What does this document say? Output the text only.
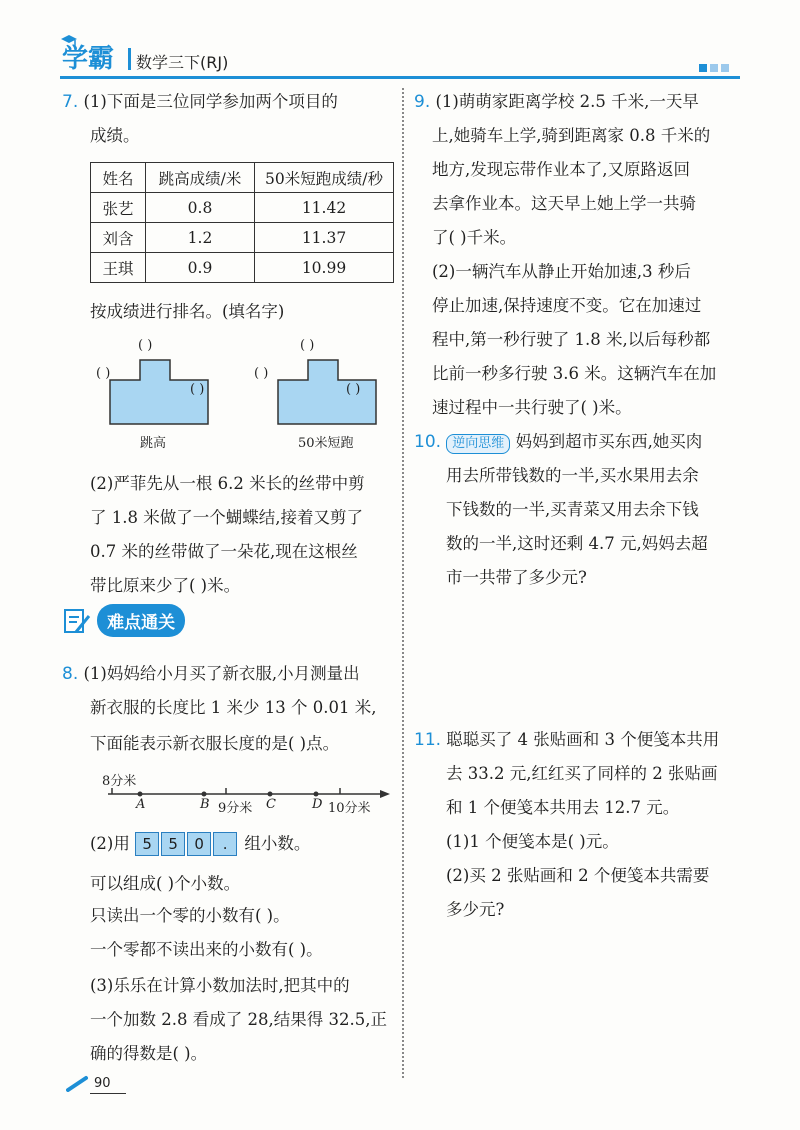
学霸 数学三下(RJ)
7. (1)下面是三位同学参加两个项目的
成绩。
姓名	跳高成绩/米	50米短跑成绩/秒
张艺	0.8	11.42
刘含	1.2	11.37
王琪	0.9	10.99
按成绩进行排名。(填名字)
( )
( )
( )
跳高
( )
( )
( )
50米短跑
(2)严菲先从一根 6.2 米长的丝带中剪
了 1.8 米做了一个蝴蝶结,接着又剪了
0.7 米的丝带做了一朵花,现在这根丝
带比原来少了( )米。
难点通关
8. (1)妈妈给小月买了新衣服,小月测量出
新衣服的长度比 1 米少 13 个 0.01 米,
下面能表示新衣服长度的是( )点。
8分米
A	B 9分米 C	D 10分米
(2)用 5 5 0 . 组小数。
可以组成( )个小数。
只读出一个零的小数有( )。
一个零都不读出来的小数有( )。
(3)乐乐在计算小数加法时,把其中的
一个加数 2.8 看成了 28,结果得 32.5,正
确的得数是( )。
9. (1)萌萌家距离学校 2.5 千米,一天早
上,她骑车上学,骑到距离家 0.8 千米的
地方,发现忘带作业本了,又原路返回
去拿作业本。这天早上她上学一共骑
了( )千米。
(2)一辆汽车从静止开始加速,3 秒后
停止加速,保持速度不变。它在加速过
程中,第一秒行驶了 1.8 米,以后每秒都
比前一秒多行驶 3.6 米。这辆汽车在加
速过程中一共行驶了( )米。
10. 逆向思维 妈妈到超市买东西,她买肉
用去所带钱数的一半,买水果用去余
下钱数的一半,买青菜又用去余下钱
数的一半,这时还剩 4.7 元,妈妈去超
市一共带了多少元?
11. 聪聪买了 4 张贴画和 3 个便笺本共用
去 33.2 元,红红买了同样的 2 张贴画
和 1 个便笺本共用去 12.7 元。
(1)1 个便笺本是( )元。
(2)买 2 张贴画和 2 个便笺本共需要
多少元?
90
